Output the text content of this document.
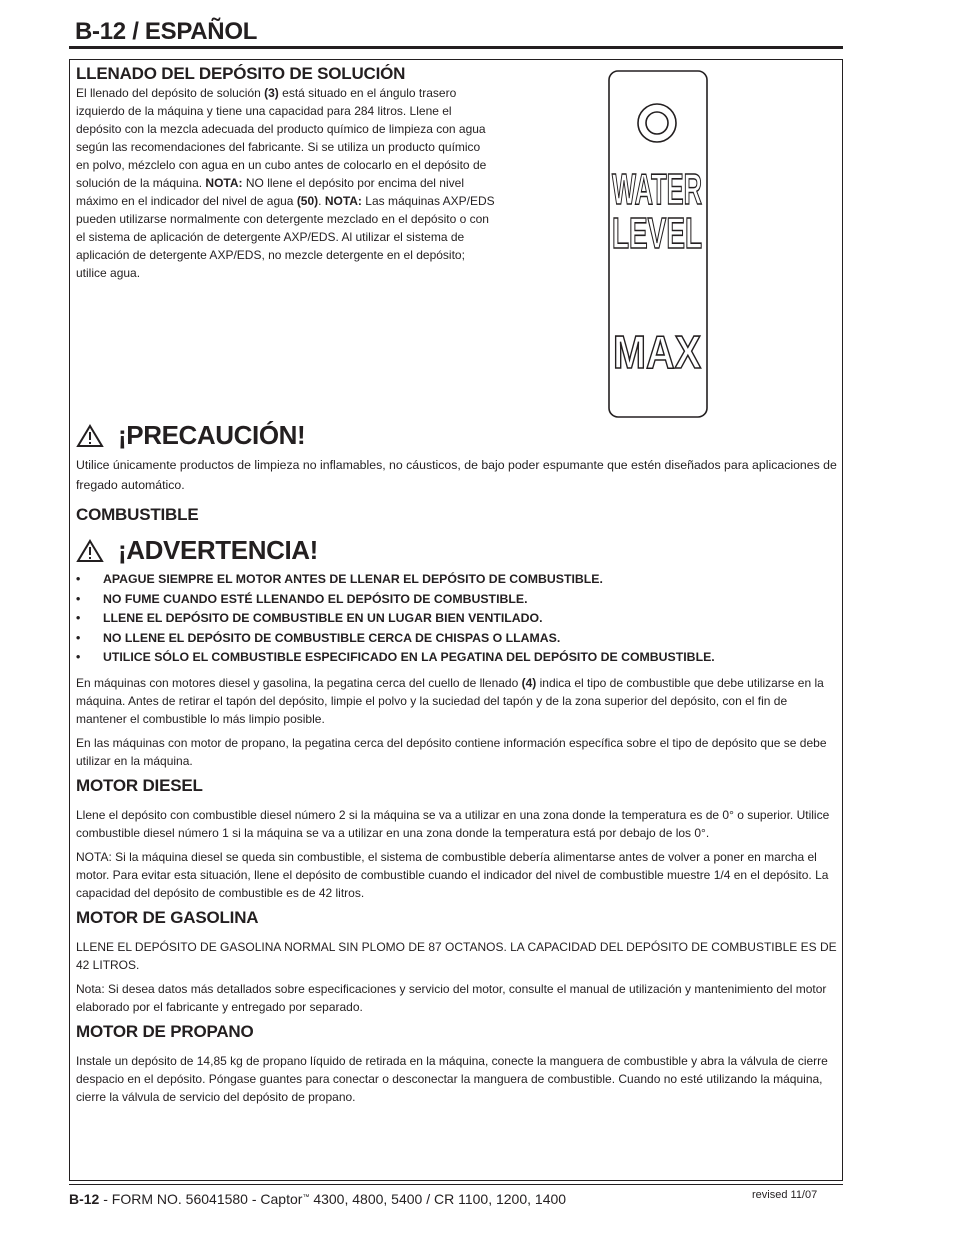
B-12 / ESPAÑOL
LLENADO DEL DEPÓSITO DE SOLUCIÓN

El llenado del depósito de solución (3) está situado en el ángulo trasero izquierdo de la máquina y tiene una capacidad para 284 litros. Llene el depósito con la mezcla adecuada del producto químico de limpieza con agua según las recomendaciones del fabricante. Si se utiliza un producto químico en polvo, mézclelo con agua en un cubo antes de colocarlo en el depósito de solución de la máquina. NOTA: NO llene el depósito por encima del nivel máximo en el indicador del nivel de agua (50). NOTA: Las máquinas AXP/EDS pueden utilizarse normalmente con detergente mezclado en el depósito o con el sistema de aplicación de detergente AXP/EDS. Al utilizar el sistema de aplicación de detergente AXP/EDS, no mezcle detergente en el depósito; utilice agua.

WATER
LEVEL
MAX
¡PRECAUCIÓN!

Utilice únicamente productos de limpieza no inflamables, no cáusticos, de bajo poder espumante que estén diseñados para aplicaciones de fregado automático.

COMBUSTIBLE
¡ADVERTENCIA!
• APAGUE SIEMPRE EL MOTOR ANTES DE LLENAR EL DEPÓSITO DE COMBUSTIBLE.
• NO FUME CUANDO ESTÉ LLENANDO EL DEPÓSITO DE COMBUSTIBLE.
• LLENE EL DEPÓSITO DE COMBUSTIBLE EN UN LUGAR BIEN VENTILADO.
• NO LLENE EL DEPÓSITO DE COMBUSTIBLE CERCA DE CHISPAS O LLAMAS.
• UTILICE SÓLO EL COMBUSTIBLE ESPECIFICADO EN LA PEGATINA DEL DEPÓSITO DE COMBUSTIBLE.

En máquinas con motores diesel y gasolina, la pegatina cerca del cuello de llenado (4) indica el tipo de combustible que debe utilizarse en la máquina. Antes de retirar el tapón del depósito, limpie el polvo y la suciedad del tapón y de la zona superior del depósito, con el fin de mantener el combustible lo más limpio posible.

En las máquinas con motor de propano, la pegatina cerca del depósito contiene información específica sobre el tipo de depósito que se debe utilizar en la máquina.

MOTOR DIESEL

Llene el depósito con combustible diesel número 2 si la máquina se va a utilizar en una zona donde la temperatura es de 0° o superior. Utilice combustible diesel número 1 si la máquina se va a utilizar en una zona donde la temperatura está por debajo de los 0°.

NOTA: Si la máquina diesel se queda sin combustible, el sistema de combustible debería alimentarse antes de volver a poner en marcha el motor. Para evitar esta situación, llene el depósito de combustible cuando el indicador del nivel de combustible muestre 1/4 en el depósito. La capacidad del depósito de combustible es de 42 litros.

MOTOR DE GASOLINA

LLENE EL DEPÓSITO DE GASOLINA NORMAL SIN PLOMO DE 87 OCTANOS. LA CAPACIDAD DEL DEPÓSITO DE COMBUSTIBLE ES DE 42 LITROS.

Nota: Si desea datos más detallados sobre especificaciones y servicio del motor, consulte el manual de utilización y mantenimiento del motor elaborado por el fabricante y entregado por separado.

MOTOR DE PROPANO

Instale un depósito de 14,85 kg de propano líquido de retirada en la máquina, conecte la manguera de combustible y abra la válvula de cierre despacio en el depósito. Póngase guantes para conectar o desconectar la manguera de combustible. Cuando no esté utilizando la máquina, cierre la válvula de servicio del depósito de propano.

B-12 - FORM NO. 56041580 - Captor™ 4300, 4800, 5400 / CR 1100, 1200, 1400	revised 11/07
